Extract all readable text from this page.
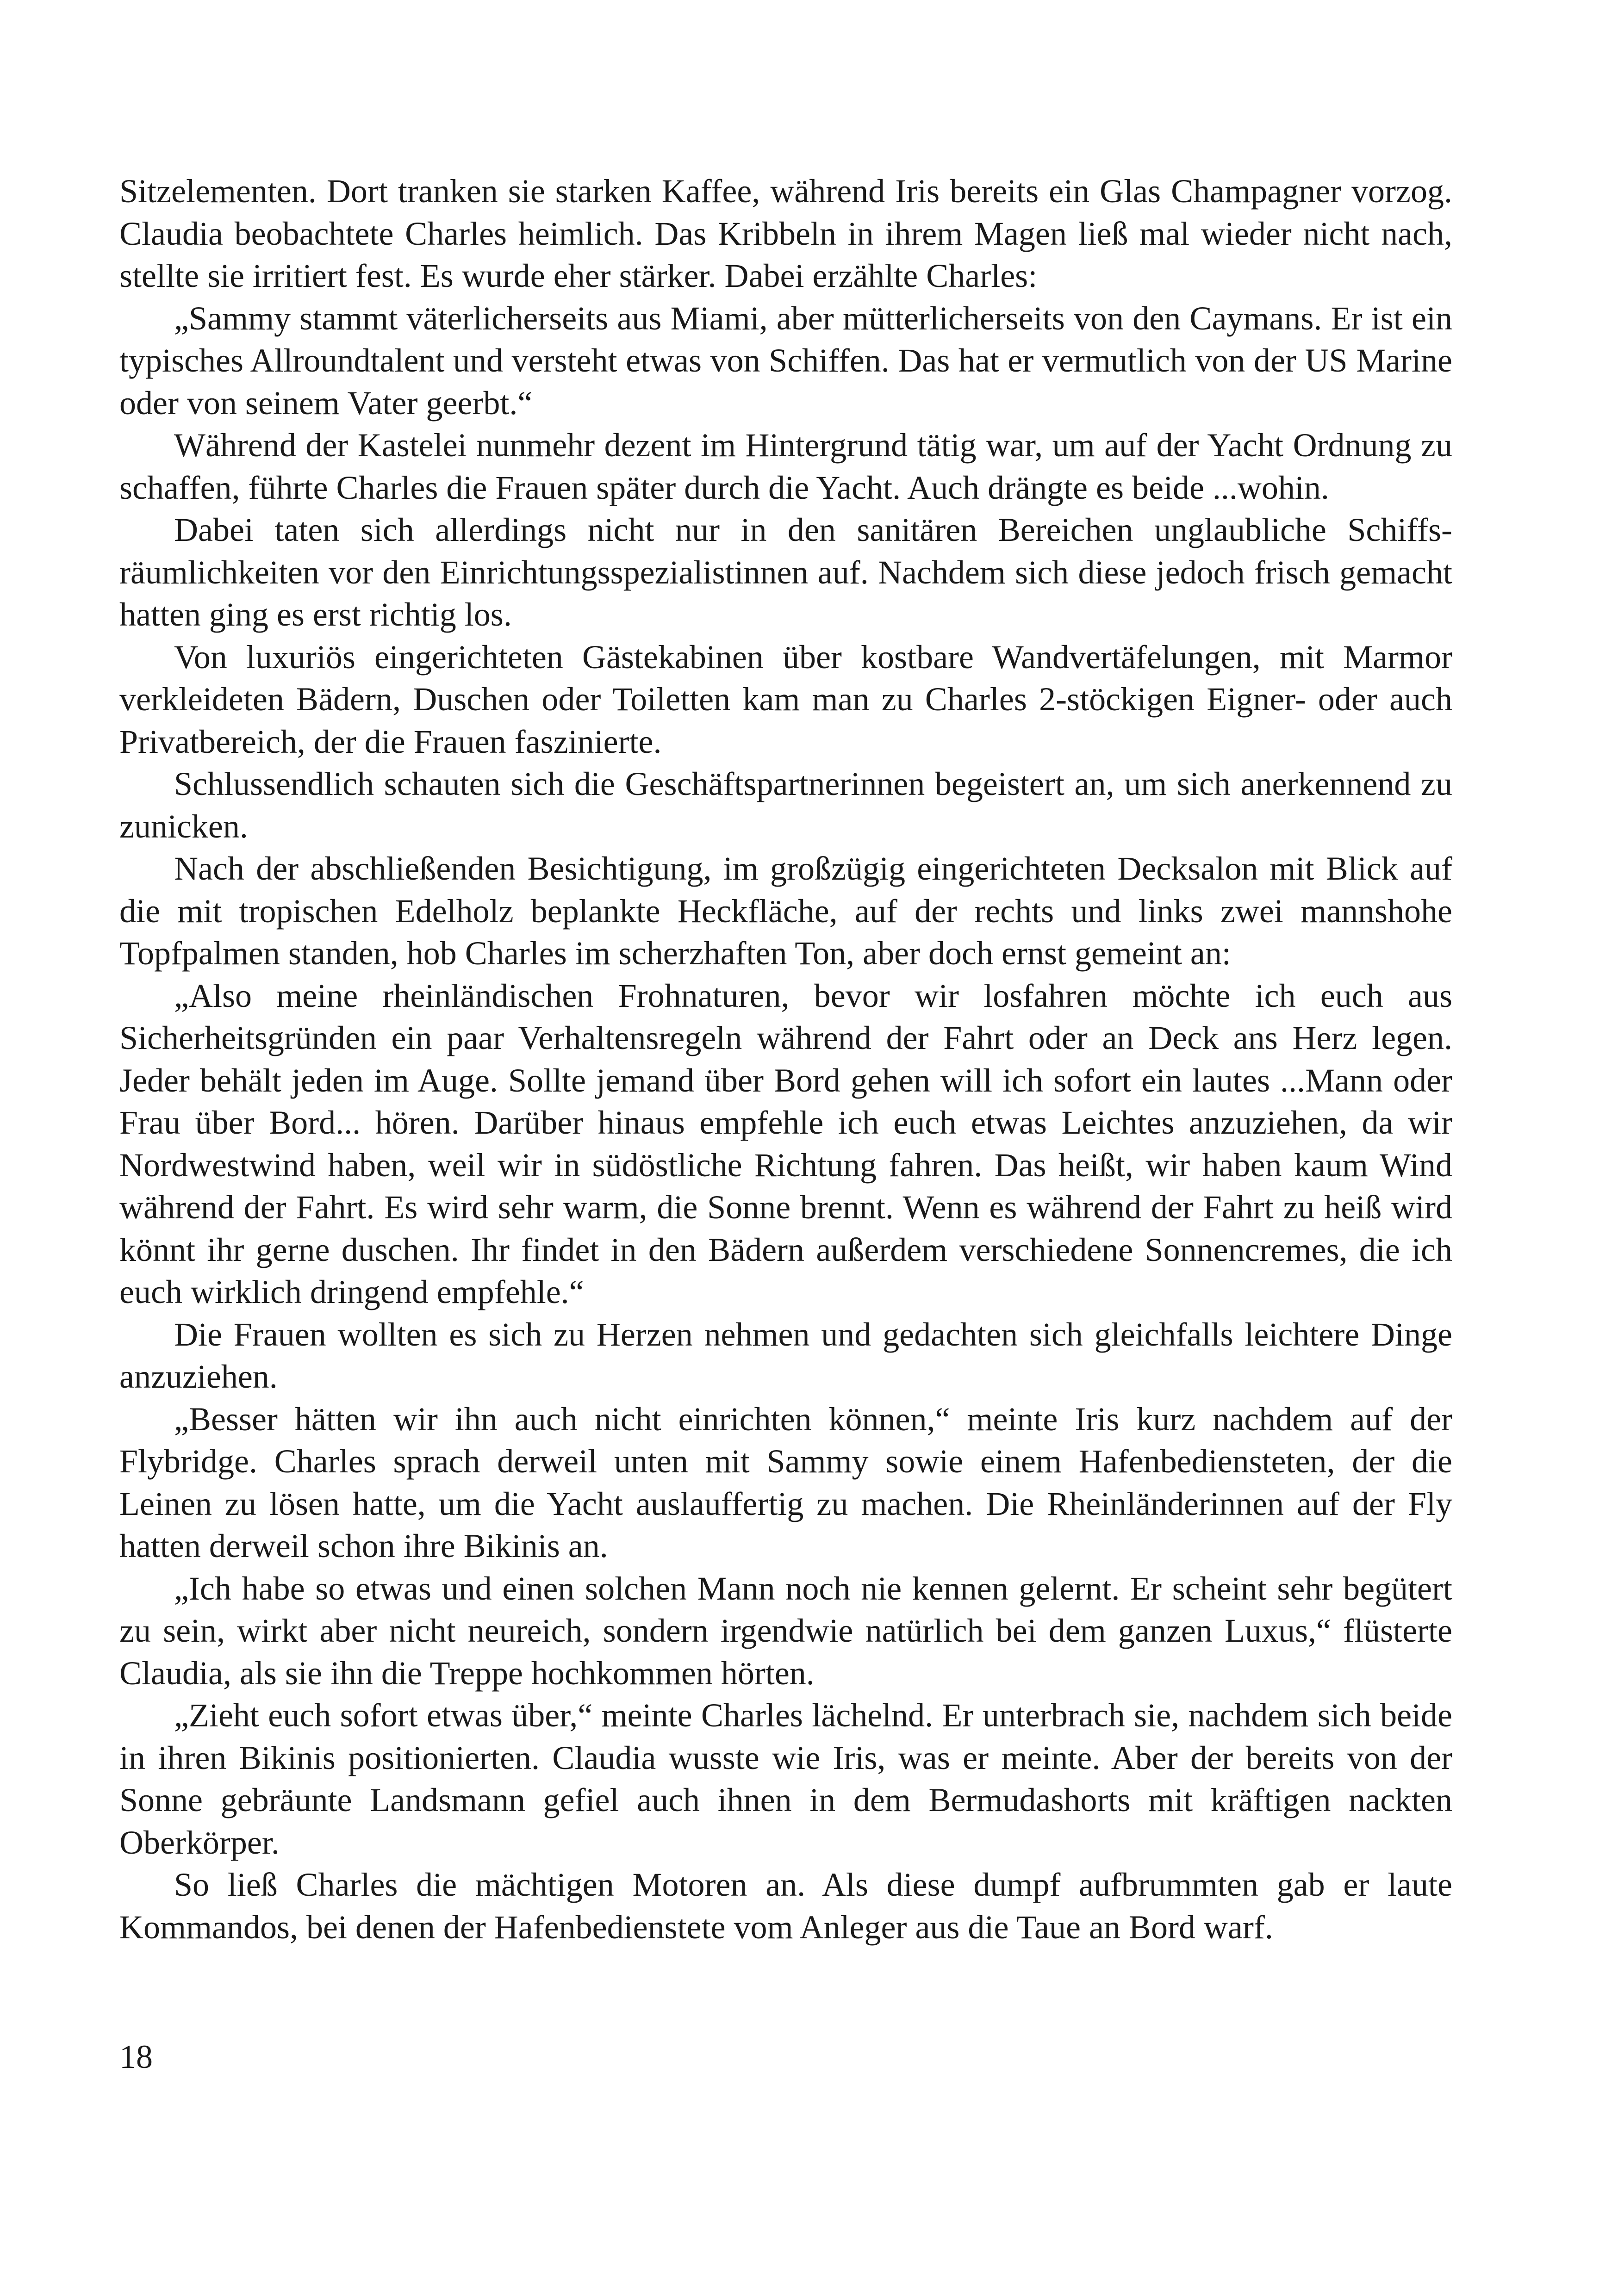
Sitzelementen. Dort tranken sie starken Kaffee, während Iris bereits ein Glas Champagner vorzog. Claudia beobachtete Charles heimlich. Das Kribbeln in ihrem Magen ließ mal wieder nicht nach, stellte sie irritiert fest. Es wurde eher stärker. Dabei erzählte Charles:

„Sammy stammt väterlicherseits aus Miami, aber mütterlicherseits von den Caymans. Er ist ein typisches Allroundtalent und versteht etwas von Schiffen. Das hat er vermutlich von der US Marine oder von seinem Vater geerbt.“

Während der Kastelei nunmehr dezent im Hintergrund tätig war, um auf der Yacht Ordnung zu schaffen, führte Charles die Frauen später durch die Yacht. Auch drängte es beide ...wohin.

Dabei taten sich allerdings nicht nur in den sanitären Bereichen unglaubliche Schiffsräumlichkeiten vor den Einrichtungsspezialistinnen auf. Nachdem sich diese jedoch frisch gemacht hatten ging es erst richtig los.

Von luxuriös eingerichteten Gästekabinen über kostbare Wandvertäfelungen, mit Marmor verkleideten Bädern, Duschen oder Toiletten kam man zu Charles 2-stöckigen Eigner- oder auch Privatbereich, der die Frauen faszinierte.

Schlussendlich schauten sich die Geschäftspartnerinnen begeistert an, um sich anerkennend zu zunicken.

Nach der abschließenden Besichtigung, im großzügig eingerichteten Decksalon mit Blick auf die mit tropischen Edelholz beplankte Heckfläche, auf der rechts und links zwei mannshohe Topfpalmen standen, hob Charles im scherzhaften Ton, aber doch ernst gemeint an:

„Also meine rheinländischen Frohnaturen, bevor wir losfahren möchte ich euch aus Sicherheitsgründen ein paar Verhaltensregeln während der Fahrt oder an Deck ans Herz legen. Jeder behält jeden im Auge. Sollte jemand über Bord gehen will ich sofort ein lautes ...Mann oder Frau über Bord... hören. Darüber hinaus empfehle ich euch etwas Leichtes anzuziehen, da wir Nordwestwind haben, weil wir in südöstliche Richtung fahren. Das heißt, wir haben kaum Wind während der Fahrt. Es wird sehr warm, die Sonne brennt. Wenn es während der Fahrt zu heiß wird könnt ihr gerne duschen. Ihr findet in den Bädern außerdem verschiedene Sonnencremes, die ich euch wirklich dringend empfehle.“

Die Frauen wollten es sich zu Herzen nehmen und gedachten sich gleichfalls leichtere Dinge anzuziehen.

„Besser hätten wir ihn auch nicht einrichten können,“ meinte Iris kurz nachdem auf der Flybridge. Charles sprach derweil unten mit Sammy sowie einem Hafenbediensteten, der die Leinen zu lösen hatte, um die Yacht auslauffertig zu machen. Die Rheinländerinnen auf der Fly hatten derweil schon ihre Bikinis an.

„Ich habe so etwas und einen solchen Mann noch nie kennen gelernt. Er scheint sehr begütert zu sein, wirkt aber nicht neureich, sondern irgendwie natürlich bei dem ganzen Luxus,“ flüsterte Claudia, als sie ihn die Treppe hochkommen hörten.

„Zieht euch sofort etwas über,“ meinte Charles lächelnd. Er unterbrach sie, nachdem sich beide in ihren Bikinis positionierten. Claudia wusste wie Iris, was er meinte. Aber der bereits von der Sonne gebräunte Landsmann gefiel auch ihnen in dem Bermudashorts mit kräftigen nackten Oberkörper.

So ließ Charles die mächtigen Motoren an. Als diese dumpf aufbrummten gab er laute Kommandos, bei denen der Hafenbedienstete vom Anleger aus die Taue an Bord warf.

18
